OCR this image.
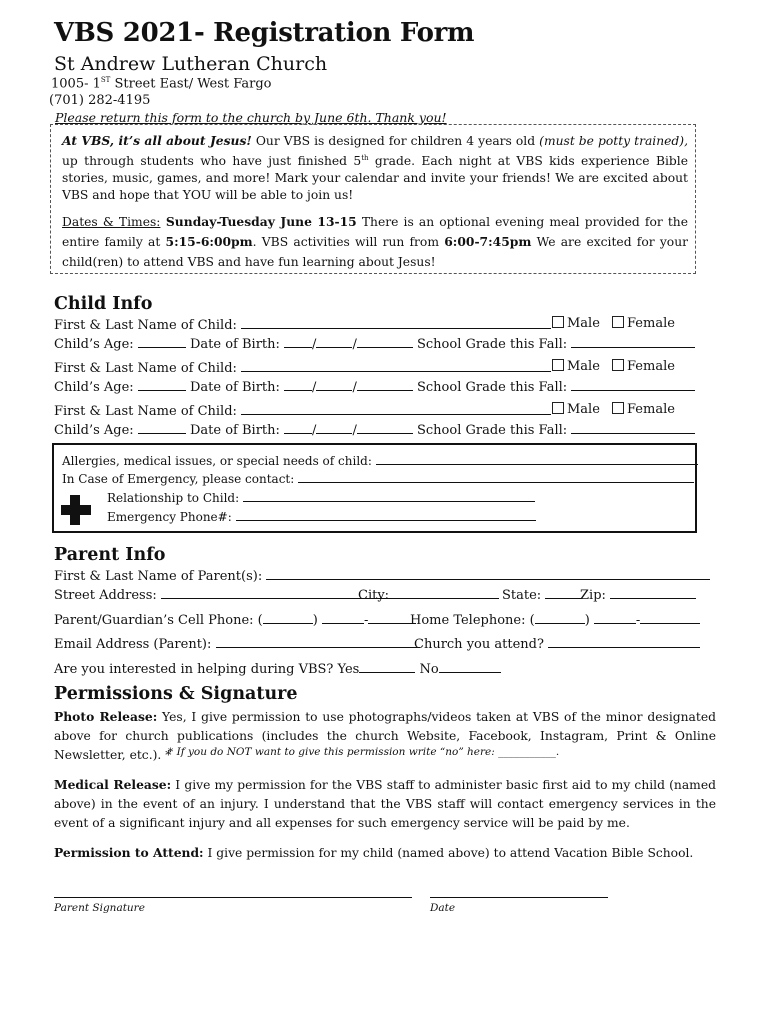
VBS 2021- Registration Form
St Andrew Lutheran Church
1005- 1ST Street East/ West Fargo
(701) 282-4195
Please return this form to the church by June 6th. Thank you!
At VBS, it’s all about Jesus! Our VBS is designed for children 4 years old (must be potty trained), up through students who have just finished 5th grade. Each night at VBS kids experience Bible stories, music, games, and more! Mark your calendar and invite your friends! We are excited about VBS and hope that YOU will be able to join us!
Dates & Times: Sunday-Tuesday June 13-15 There is an optional evening meal provided for the entire family at 5:15-6:00pm. VBS activities will run from 6:00-7:45pm We are excited for your child(ren) to attend VBS and have fun learning about Jesus!
Child Info
First & Last Name of Child:	Male	Female
Child’s Age:	Date of Birth: /	/	School Grade this Fall:
First & Last Name of Child:	Male	Female
Child’s Age:	Date of Birth: /	/	School Grade this Fall:
First & Last Name of Child:	Male	Female
Child’s Age:	Date of Birth: /	/	School Grade this Fall:
Allergies, medical issues, or special needs of child:
In Case of Emergency, please contact:
Relationship to Child:
Emergency Phone#:
Parent Info
First & Last Name of Parent(s):
Street Address:	City:	State:	Zip:
Parent/Guardian’s Cell Phone: (	)	-	Home Telephone: (	)	-
Email Address (Parent):	Church you attend?
Are you interested in helping during VBS? Yes	No
Permissions & Signature
Photo Release: Yes, I give permission to use photographs/videos taken at VBS of the minor designated above for church publications (includes the church Website, Facebook, Instagram, Print & Online Newsletter, etc.). *
* If you do NOT want to give this permission write “no” here: ___________.
Medical Release: I give my permission for the VBS staff to administer basic first aid to my child (named above) in the event of an injury. I understand that the VBS staff will contact emergency services in the event of a significant injury and all expenses for such emergency service will be paid by me.
Permission to Attend: I give permission for my child (named above) to attend Vacation Bible School.
Parent Signature	Date
